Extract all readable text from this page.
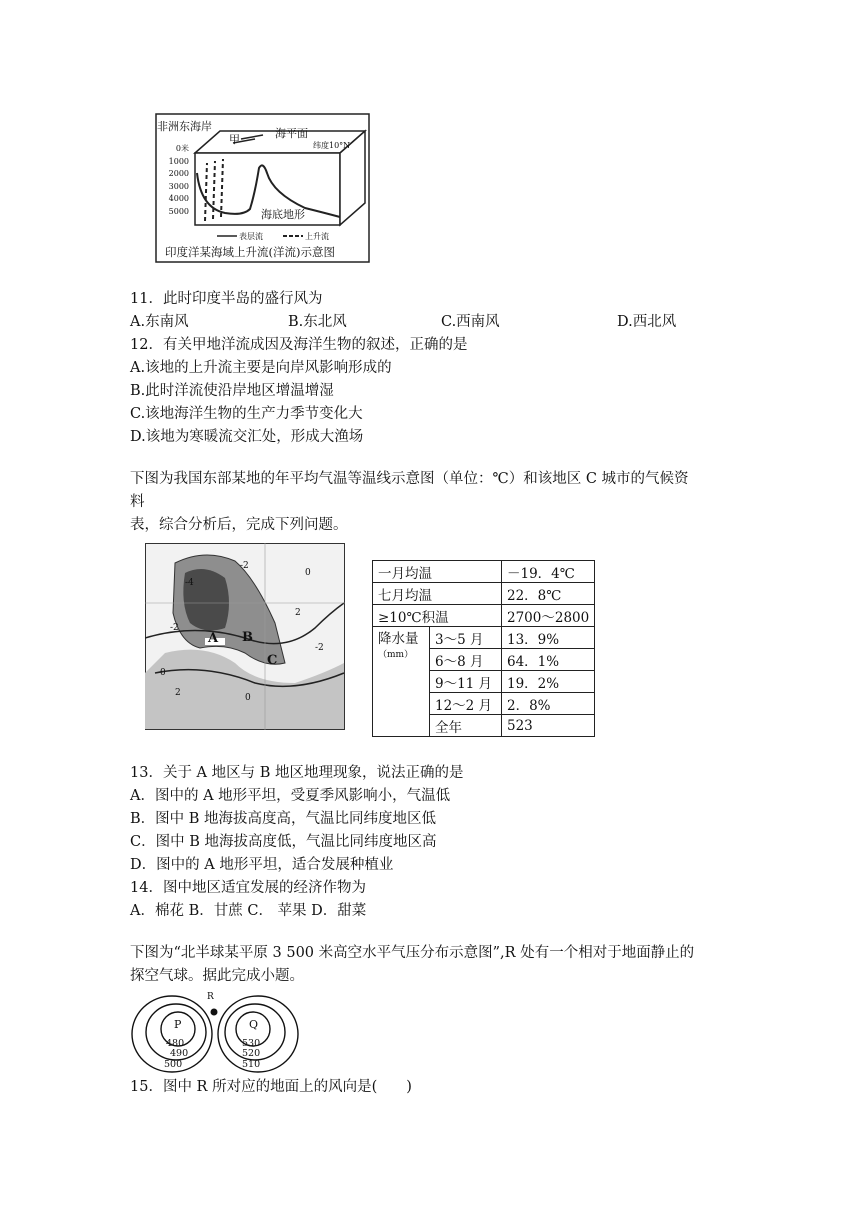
非洲东海岸
甲	海平面
纬度10°N
0米
1000
2000
3000
4000
5000	海底地形
表层流	上升流
印度洋某海域上升流(洋流)示意图
11．此时印度半岛的盛行风为
A.东南风	B.东北风	C.西南风	D.西北风
12．有关甲地洋流成因及海洋生物的叙述，正确的是
A.该地的上升流主要是向岸风影响形成的
B.此时洋流使沿岸地区增温增湿
C.该地海洋生物的生产力季节变化大
D.该地为寒暖流交汇处，形成大渔场
下图为我国东部某地的年平均气温等温线示意图（单位：℃）和该地区 C 城市的气候资
料
表，综合分析后，完成下列问题。
A B
C
-4
-2
0
2
-2
0
2	0
-2
一月均温		－19．4℃
七月均温		22．8℃
≥10℃积温		2700～2800

降水量
（mm）	3～5 月	13．9%
	6～8 月	64．1%
	9～11 月	19．2%
	12～2 月	2．8%
	全年	523
13．关于 A 地区与 B 地区地理现象，说法正确的是
A．图中的 A 地形平坦，受夏季风影响小，气温低
B．图中 B 地海拔高度高，气温比同纬度地区低
C．图中 B 地海拔高度低，气温比同纬度地区高
D．图中的 A 地形平坦，适合发展种植业
14．图中地区适宜发展的经济作物为
A．棉花 B．甘蔗 C． 苹果 D．甜菜
下图为“北半球某平原 3 500 米高空水平气压分布示意图”,R 处有一个相对于地面静止的
探空气球。据此完成小题。
P	Q
R
480
490
500
530
520
510
15．图中 R 所对应的地面上的风向是(　　)
